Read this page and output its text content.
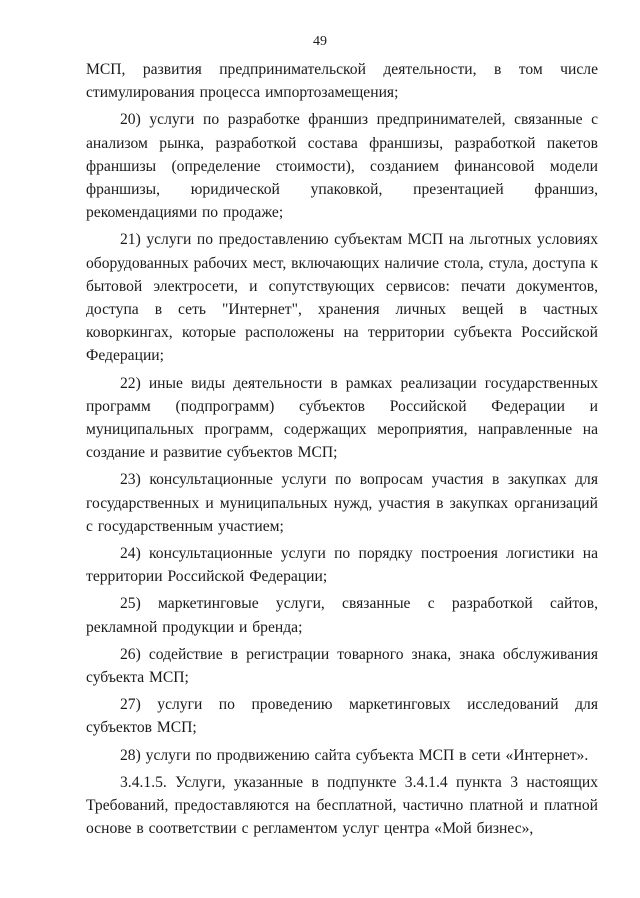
49

МСП, развития предпринимательской деятельности, в том числе
стимулирования процесса импортозамещения;

20) услуги по разработке франшиз предпринимателей, связанные с анализом рынка, разработкой состава франшизы, разработкой пакетов франшизы (определение стоимости), созданием финансовой модели франшизы, юридической упаковкой, презентацией франшиз, рекомендациями по продаже;

21) услуги по предоставлению субъектам МСП на льготных условиях оборудованных рабочих мест, включающих наличие стола, стула, доступа к бытовой электросети, и сопутствующих сервисов: печати документов, доступа в сеть "Интернет", хранения личных вещей в частных коворкингах, которые расположены на территории субъекта Российской Федерации;

22) иные виды деятельности в рамках реализации государственных программ (подпрограмм) субъектов Российской Федерации и муниципальных программ, содержащих мероприятия, направленные на создание и развитие субъектов МСП;

23) консультационные услуги по вопросам участия в закупках для государственных и муниципальных нужд, участия в закупках организаций с государственным участием;

24) консультационные услуги по порядку построения логистики на территории Российской Федерации;

25) маркетинговые услуги, связанные с разработкой сайтов, рекламной продукции и бренда;

26) содействие в регистрации товарного знака, знака обслуживания субъекта МСП;

27) услуги по проведению маркетинговых исследований для субъектов МСП;

28) услуги по продвижению сайта субъекта МСП в сети «Интернет».

3.4.1.5. Услуги, указанные в подпункте 3.4.1.4 пункта 3 настоящих Требований, предоставляются на бесплатной, частично платной и платной основе в соответствии с регламентом услуг центра «Мой бизнес»,
